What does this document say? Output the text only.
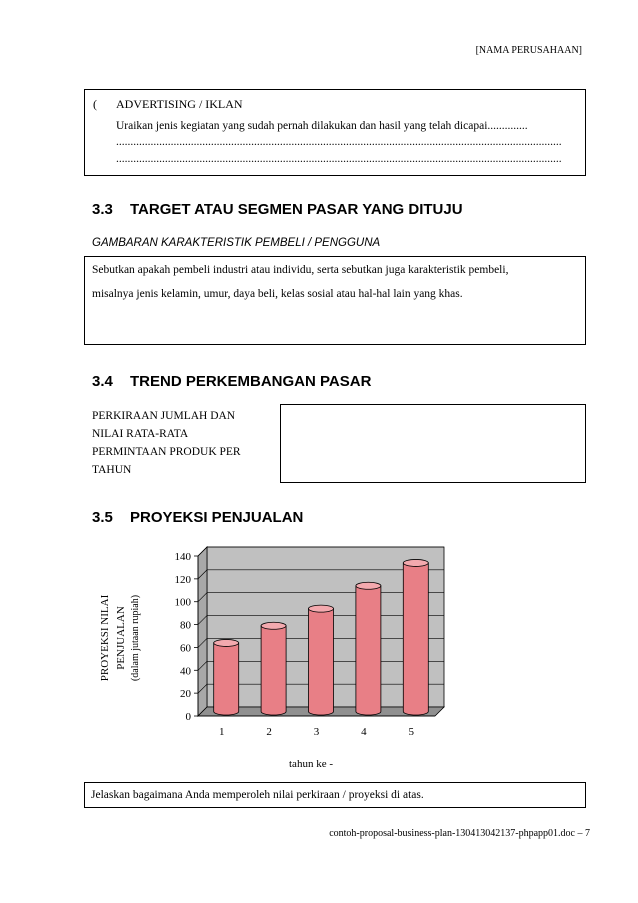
[NAMA PERUSAHAAN]
( ADVERTISING / IKLAN
Uraikan jenis kegiatan yang sudah pernah dilakukan dan hasil yang telah dicapai..............
...........................................................................................................................................................
...........................................................................................................................................................
3.3 TARGET ATAU SEGMEN PASAR YANG DITUJU
GAMBARAN KARAKTERISTIK PEMBELI / PENGGUNA
Sebutkan apakah pembeli industri atau individu, serta sebutkan juga karakteristik pembeli,
misalnya jenis kelamin, umur, daya beli, kelas sosial atau hal-hal lain yang khas.
3.4 TREND PERKEMBANGAN PASAR
PERKIRAAN JUMLAH DAN
NILAI RATA-RATA
PERMINTAAN PRODUK PER
TAHUN
3.5 PROYEKSI PENJUALAN
PROYEKSI NILAI PENJUALAN (dalam jutaan rupiah)
0
20
40
60
80
100
120
140
1	2	3	4	5
tahun ke -
Jelaskan bagaimana Anda memperoleh nilai perkiraan / proyeksi di atas.
contoh-proposal-business-plan-130413042137-phpapp01.doc – 7
